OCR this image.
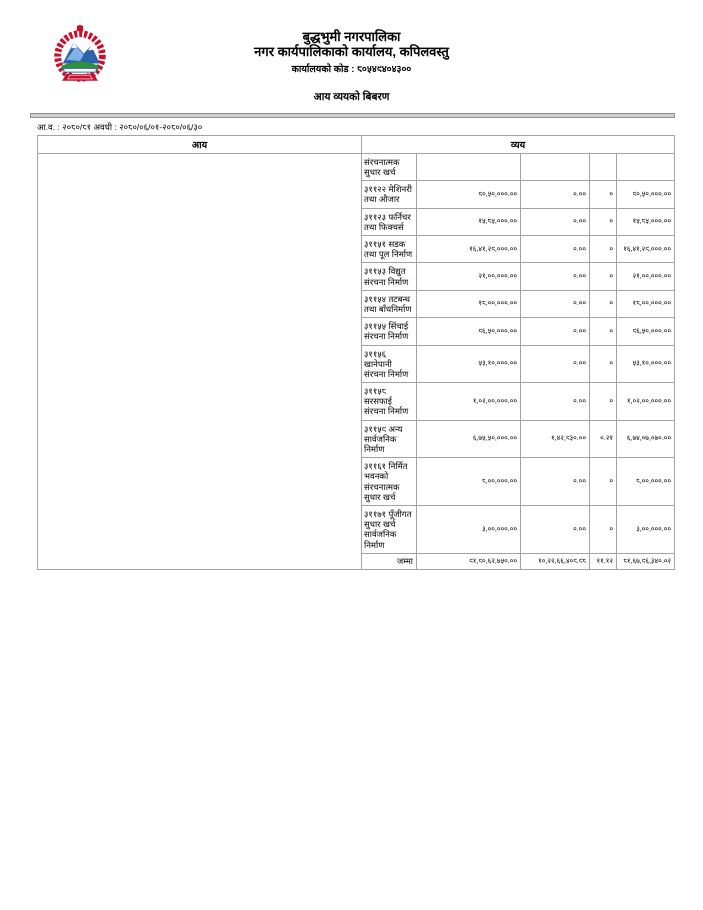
बुद्धभुमी नगरपालिका
नगर कार्यपालिकाको कार्यालय, कपिलवस्तु
कार्यालयको कोड : ८०५४९४०४३००
आय व्ययको बिबरण
आ.व. : २०८०/८१ अवधी : २०८०/०६/०१-२०८०/०६/३०
आय	व्यय				
	संरचनात्मक सुधार खर्च				
	३११२२ मेशिनरी तथा औजार	९०,५०,०००.००	०.००	०	९०,५०,०००.००
	३११२३ फर्निचर तथा फिक्चर्स	१५,८५,०००.००	०.००	०	१५,८५,०००.००
	३११५१ सडक तथा पूल निर्माण	१६,४१,२९,०००.००	०.००	०	१६,४१,२९,०००.००
	३११५३ विद्युत संरचना निर्माण	२१,००,०००.००	०.००	०	२१,००,०००.००
	३११५४ तटबन्ध तथा बाँधनिर्माण	१८,००,०००.००	०.००	०	१८,००,०००.००
	३११५५ सिंचाई संरचना निर्माण	९६,५०,०००.००	०.००	०	९६,५०,०००.००
	३११५६ खानेपानी संरचना निर्माण	५३,१०,०००.००	०.००	०	५३,१०,०००.००
	३११५८ सरसफाई संरचना निर्माण	१,०२,००,०००.००	०.००	०	१,०२,००,०००.००
	३११५९ अन्य सार्वजनिक निर्माण	६,७५,५०,०००.००	१,४२,९३०.००	०.२१	६,७४,०७,०७०.००
	३११६१ निर्मित भवनको संरचनात्मक सुधार खर्च	८,००,०००.००	०.००	०	८,००,०००.००
	३११७१ पूँजीगत सुधार खर्च सार्वजनिक निर्माण	३,००,०००.००	०.००	०	३,००,०००.००
	जम्मा	९१,९०,६२,७५०.००	१०,२२,६६,४०९.९८	११.१२	८१,६७,९६,३४०.०२
